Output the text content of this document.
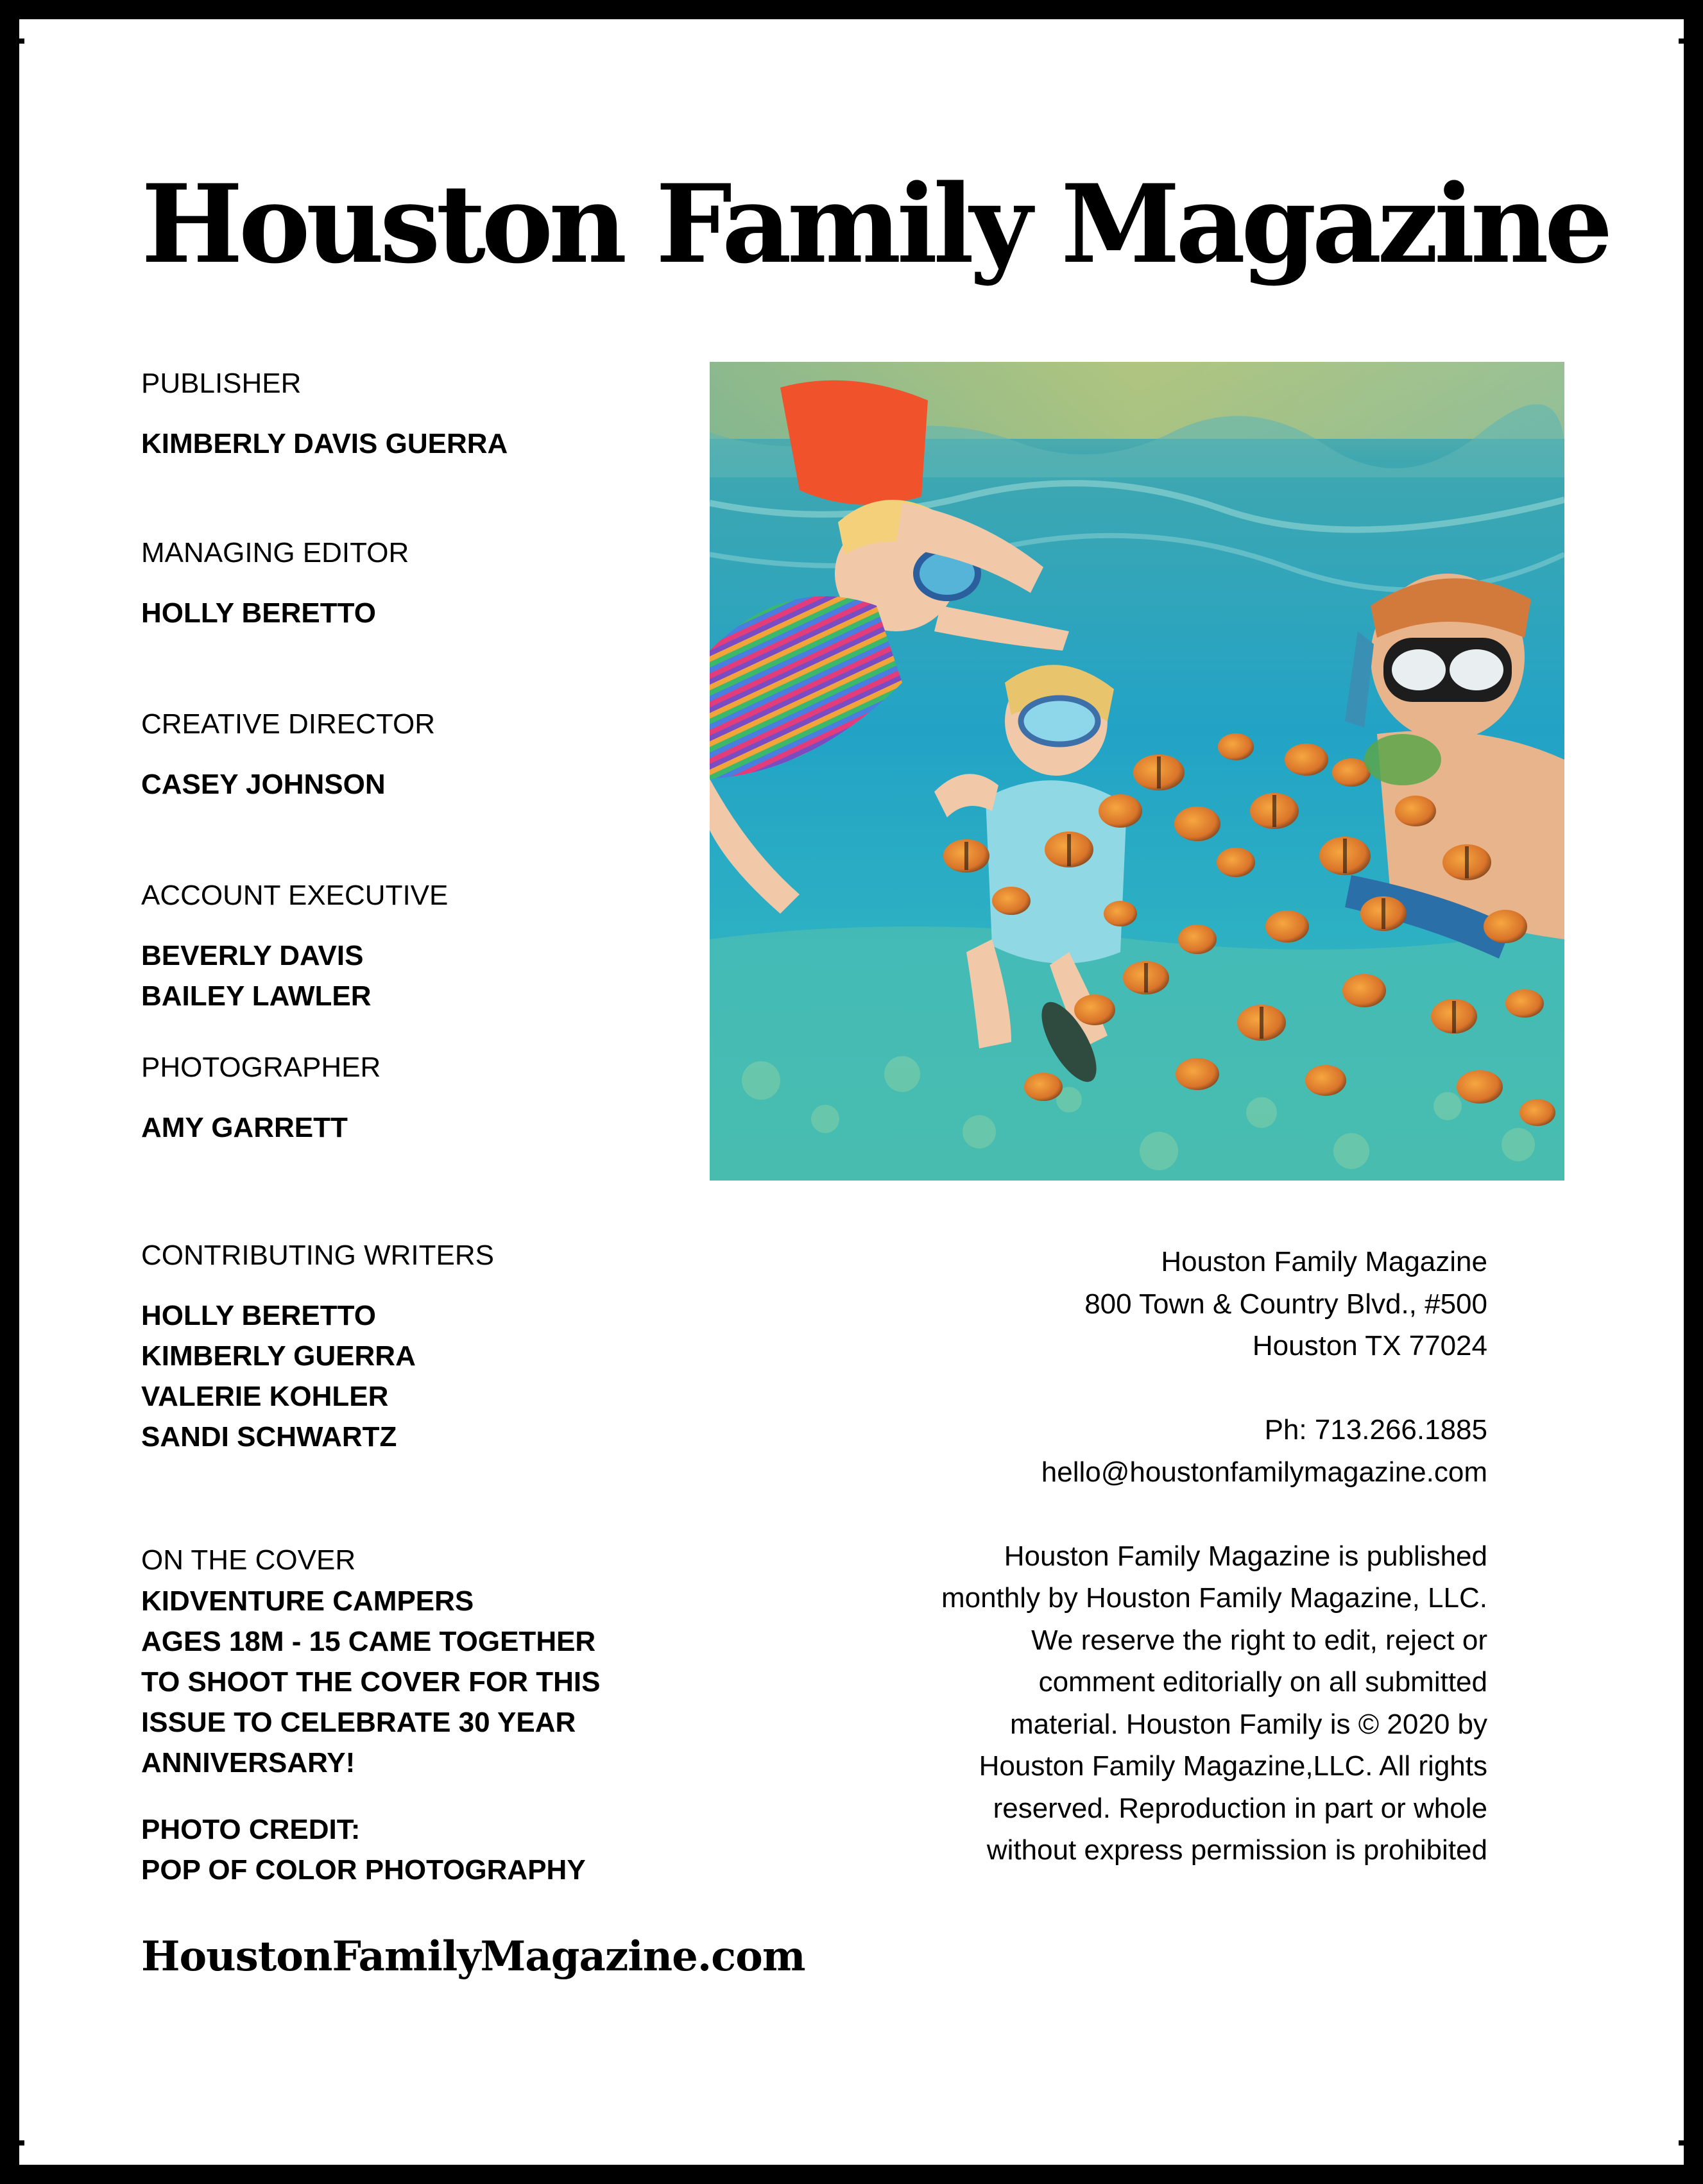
Houston Family Magazine
PUBLISHER
KIMBERLY DAVIS GUERRA
MANAGING EDITOR
HOLLY BERETTO
CREATIVE DIRECTOR
CASEY JOHNSON
ACCOUNT EXECUTIVE
BEVERLY DAVIS
BAILEY LAWLER
PHOTOGRAPHER
AMY GARRETT
CONTRIBUTING WRITERS
HOLLY BERETTO
KIMBERLY GUERRA
VALERIE KOHLER
SANDI SCHWARTZ
ON THE COVER
KIDVENTURE CAMPERS
AGES 18M - 15 CAME TOGETHER
TO SHOOT THE COVER FOR THIS
ISSUE TO CELEBRATE 30 YEAR
ANNIVERSARY!
PHOTO CREDIT:
POP OF COLOR PHOTOGRAPHY
HoustonFamilyMagazine.com
Houston Family Magazine
800 Town & Country Blvd., #500
Houston TX 77024
Ph: 713.266.1885
hello@houstonfamilymagazine.com
Houston Family Magazine is published
monthly by Houston Family Magazine, LLC.
We reserve the right to edit, reject or
comment editorially on all submitted
material. Houston Family is © 2020 by
Houston Family Magazine,LLC. All rights
reserved. Reproduction in part or whole
without express permission is prohibited
